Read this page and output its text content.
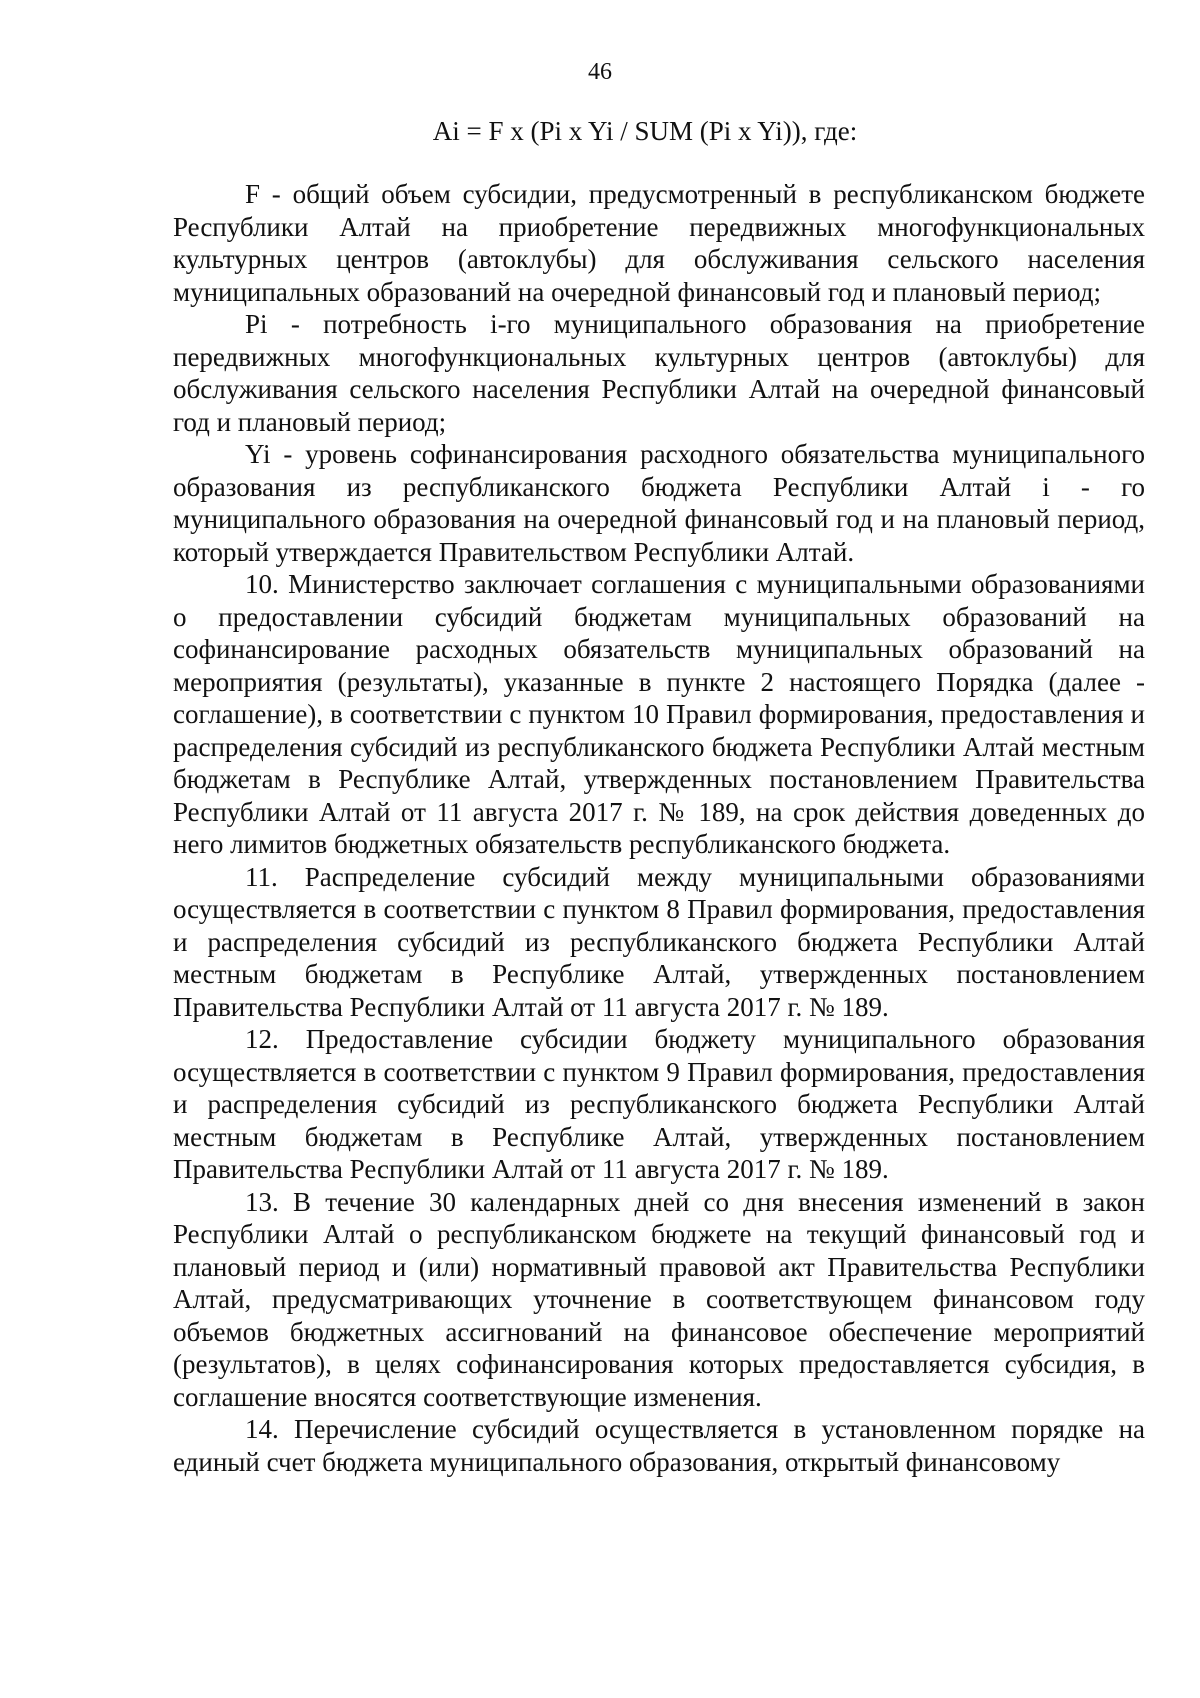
46
Ai = F x (Pi x Yi / SUM (Pi x Yi)), где:

F - общий объем субсидии, предусмотренный в республиканском бюджете Республики Алтай на приобретение передвижных многофункциональных культурных центров (автоклубы) для обслуживания сельского населения муниципальных образований на очередной финансовый год и плановый период;

Pi - потребность i-го муниципального образования на приобретение передвижных многофункциональных культурных центров (автоклубы) для обслуживания сельского населения Республики Алтай на очередной финансовый год и плановый период;

Yi - уровень софинансирования расходного обязательства муниципального образования из республиканского бюджета Республики Алтай i - го муниципального образования на очередной финансовый год и на плановый период, который утверждается Правительством Республики Алтай.

10. Министерство заключает соглашения с муниципальными образованиями о предоставлении субсидий бюджетам муниципальных образований на софинансирование расходных обязательств муниципальных образований на мероприятия (результаты), указанные в пункте 2 настоящего Порядка (далее - соглашение), в соответствии с пунктом 10 Правил формирования, предоставления и распределения субсидий из республиканского бюджета Республики Алтай местным бюджетам в Республике Алтай, утвержденных постановлением Правительства Республики Алтай от 11 августа 2017 г. № 189, на срок действия доведенных до него лимитов бюджетных обязательств республиканского бюджета.

11. Распределение субсидий между муниципальными образованиями осуществляется в соответствии с пунктом 8 Правил формирования, предоставления и распределения субсидий из республиканского бюджета Республики Алтай местным бюджетам в Республике Алтай, утвержденных постановлением Правительства Республики Алтай от 11 августа 2017 г. № 189.

12. Предоставление субсидии бюджету муниципального образования осуществляется в соответствии с пунктом 9 Правил формирования, предоставления и распределения субсидий из республиканского бюджета Республики Алтай местным бюджетам в Республике Алтай, утвержденных постановлением Правительства Республики Алтай от 11 августа 2017 г. № 189.

13. В течение 30 календарных дней со дня внесения изменений в закон Республики Алтай о республиканском бюджете на текущий финансовый год и плановый период и (или) нормативный правовой акт Правительства Республики Алтай, предусматривающих уточнение в соответствующем финансовом году объемов бюджетных ассигнований на финансовое обеспечение мероприятий (результатов), в целях софинансирования которых предоставляется субсидия, в соглашение вносятся соответствующие изменения.

14. Перечисление субсидий осуществляется в установленном порядке на единый счет бюджета муниципального образования, открытый финансовому
